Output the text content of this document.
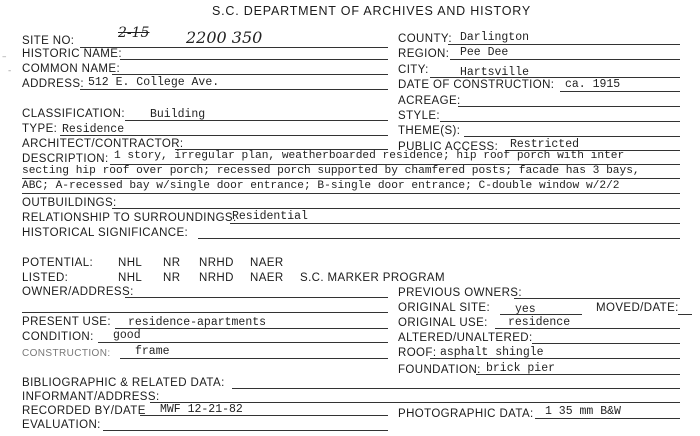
S.C. DEPARTMENT OF ARCHIVES AND HISTORY
SITE NO:	2-15 2200 350
HISTORIC NAME:
COMMON NAME:
ADDRESS: 512 E. College Ave.
CLASSIFICATION: Building
TYPE: Residence
ARCHITECT/CONTRACTOR:
COUNTY: Darlington
REGION: Pee Dee
CITY:	Hartsville
DATE OF CONSTRUCTION: ca. 1915
ACREAGE:
STYLE:
THEME(S):
PUBLIC ACCESS: Restricted
DESCRIPTION: 1 story, irregular plan, weatherboarded residence; hip roof porch with inter
secting hip roof over porch; recessed porch supported by chamfered posts; facade has 3 bays,
ABC; A-recessed bay w/single door entrance; B-single door entrance; C-double window w/2/2
OUTBUILDINGS:
RELATIONSHIP TO SURROUNDINGS:
Residential
HISTORICAL SIGNIFICANCE:
POTENTIAL: NHL NR NRHD NAER
LISTED:	NHL NR NRHD NAER S.C. MARKER PROGRAM
OWNER/ADDRESS:	PREVIOUS OWNERS:
ORIGINAL SITE: yes	MOVED/DATE:
PRESENT USE: residence-apartments	ORIGINAL USE: residence
CONDITION: good	ALTERED/UNALTERED:
CONSTRUCTION: frame	ROOF: asphalt shingle
FOUNDATION: brick pier
BIBLIOGRAPHIC & RELATED DATA:
INFORMANT/ADDRESS:
RECORDED BY/DATE MWF 12-21-82	PHOTOGRAPHIC DATA: 1 35 mm B&W
EVALUATION:
–
-
